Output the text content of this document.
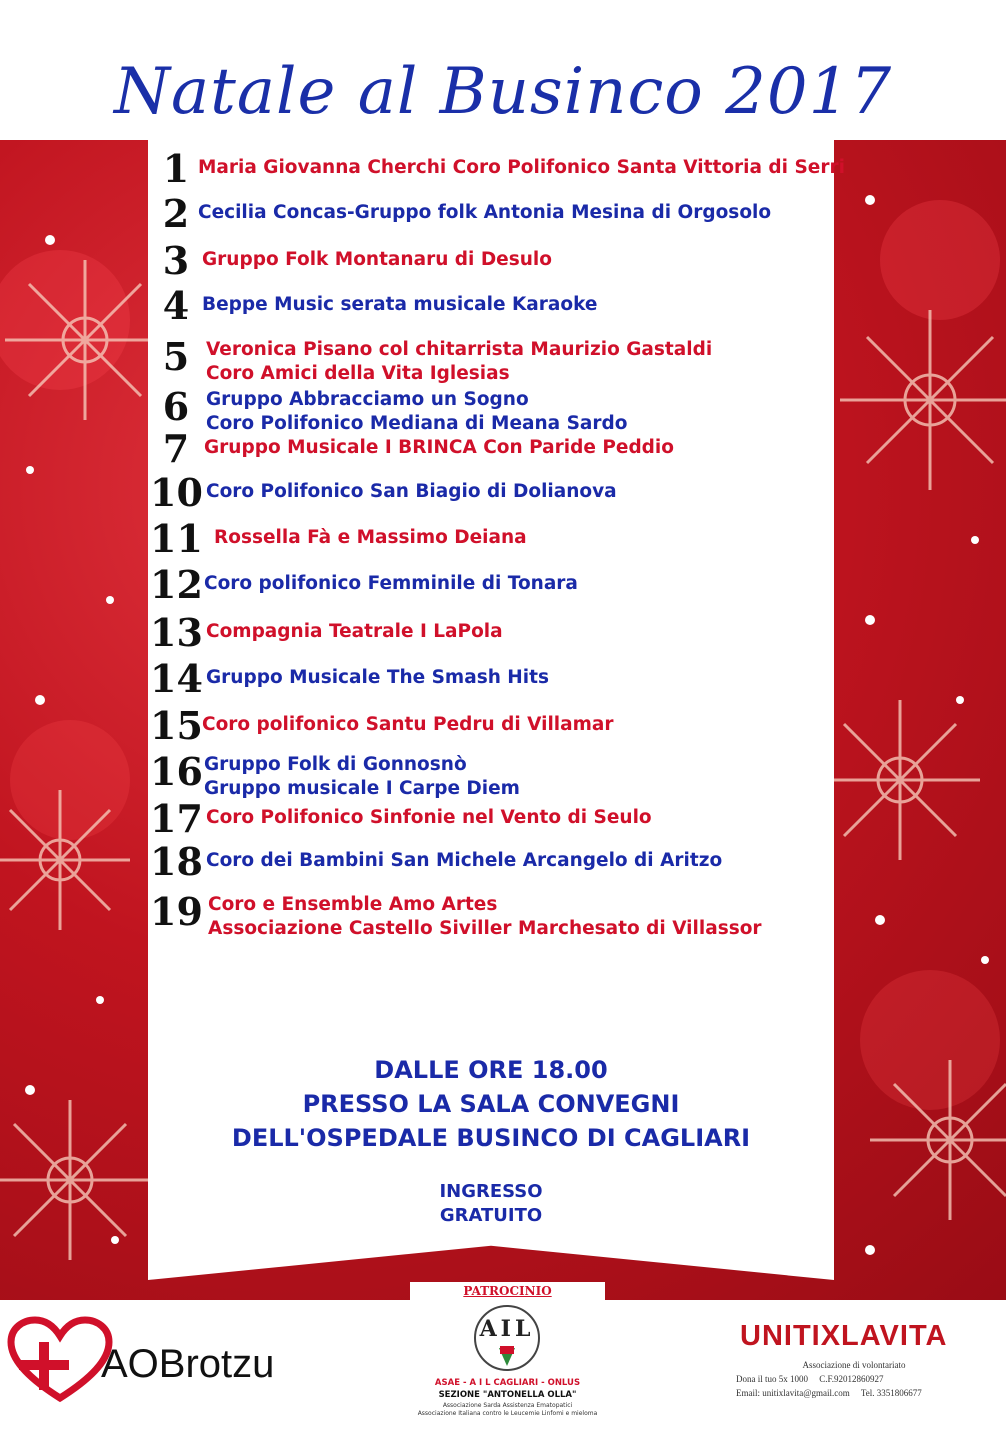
Natale al Businco 2017
1 Maria Giovanna Cherchi Coro Polifonico Santa Vittoria di Serri
2 Cecilia Concas-Gruppo folk Antonia Mesina di Orgosolo
3 Gruppo Folk Montanaru di Desulo
4 Beppe Music serata musicale Karaoke
5 Veronica Pisano col chitarrista Maurizio Gastaldi
Coro Amici della Vita Iglesias
6 Gruppo Abbracciamo un Sogno
Coro Polifonico Mediana di Meana Sardo
7 Gruppo Musicale I BRINCA Con Paride Peddio
10 Coro Polifonico San Biagio di Dolianova
11 Rossella Fà e Massimo Deiana
12 Coro polifonico Femminile di Tonara
13 Compagnia Teatrale I LaPola
14 Gruppo Musicale The Smash Hits
15 Coro polifonico Santu Pedru di Villamar
16 Gruppo Folk di Gonnosnò
Gruppo musicale I Carpe Diem
17 Coro Polifonico Sinfonie nel Vento di Seulo
18 Coro dei Bambini San Michele Arcangelo di Aritzo
19 Coro e Ensemble Amo Artes
Associazione Castello Siviller Marchesato di Villassor
DALLE ORE 18.00
PRESSO LA SALA CONVEGNI
DELL'OSPEDALE BUSINCO DI CAGLIARI
INGRESSO
GRATUITO
AOBrotzu
PATROCINIO
AIL
ASAE - A I L CAGLIARI - ONLUS
SEZIONE "ANTONELLA OLLA"
Associazione Sarda Assistenza Ematopatici
Associazione Italiana contro le Leucemie Linfomi e mieloma
UNITIXLAVITA
Associazione di volontariato
Dona il tuo 5x 1000     C.F.92012860927
Email: unitixlavita@gmail.com     Tel. 3351806677
